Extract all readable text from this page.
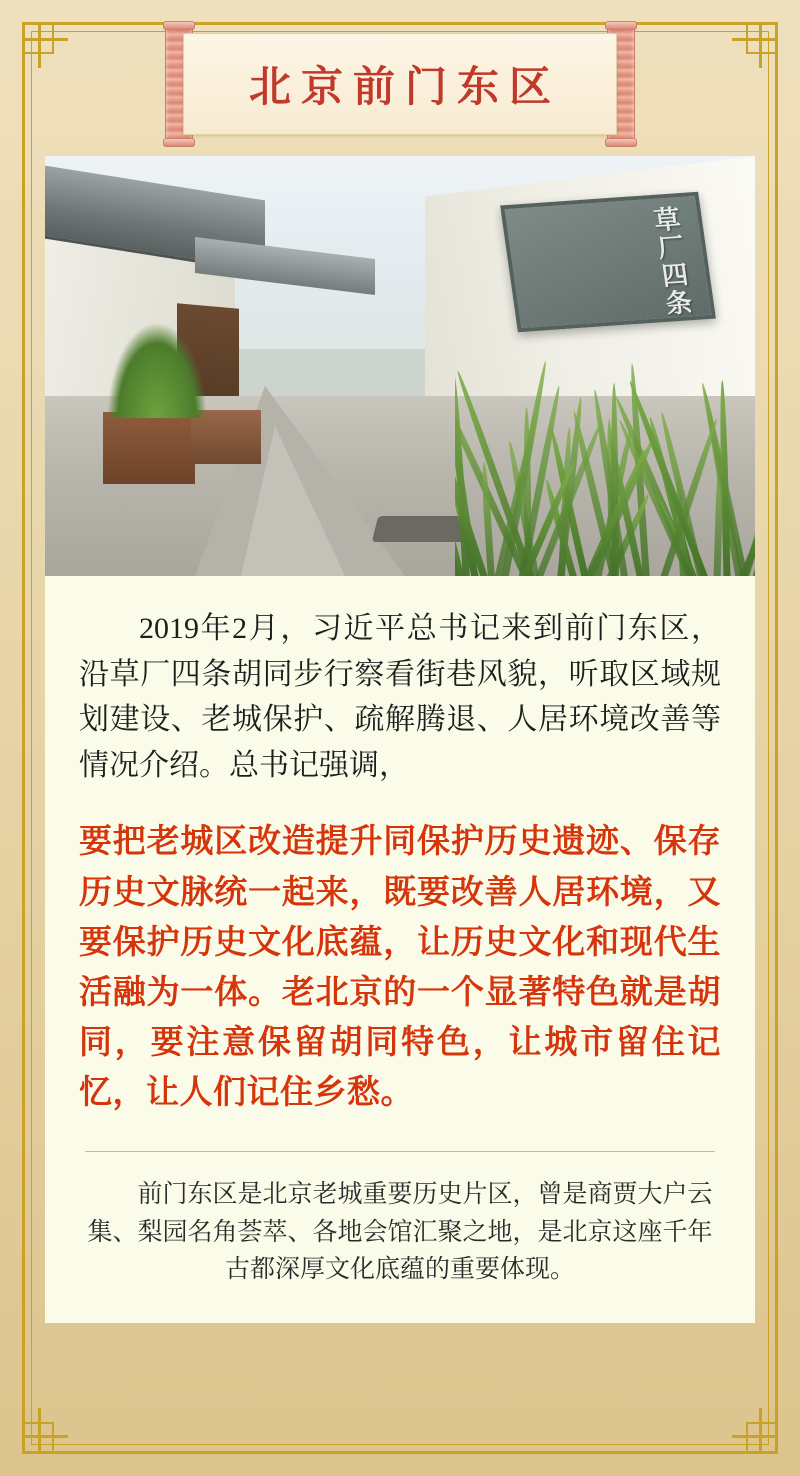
北京前门东区
草厂四条

2019年2月，习近平总书记来到前门东区，沿草厂四条胡同步行察看街巷风貌，听取区域规划建设、老城保护、疏解腾退、人居环境改善等情况介绍。总书记强调，

要把老城区改造提升同保护历史遗迹、保存历史文脉统一起来，既要改善人居环境，又要保护历史文化底蕴，让历史文化和现代生活融为一体。老北京的一个显著特色就是胡同，要注意保留胡同特色，让城市留住记忆，让人们记住乡愁。

前门东区是北京老城重要历史片区，曾是商贾大户云集、梨园名角荟萃、各地会馆汇聚之地，是北京这座千年古都深厚文化底蕴的重要体现。
